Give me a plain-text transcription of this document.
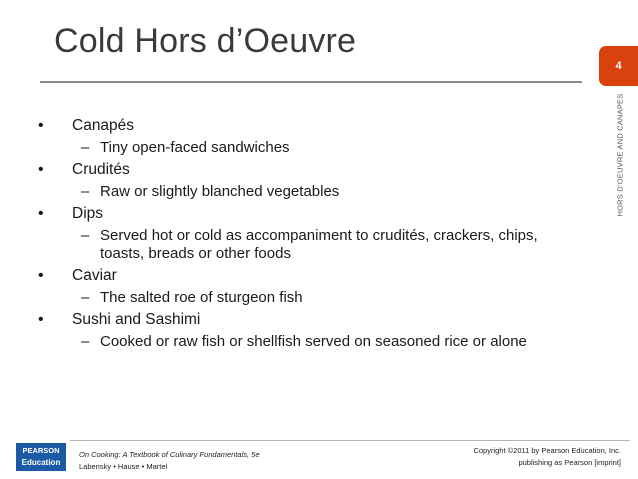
Cold Hors d’Oeuvre
4
HORS D’OEUVRE AND CANAPES
•	Canapés
– Tiny open-faced sandwiches
•	Crudités
– Raw or slightly blanched vegetables
•	Dips
– Served hot or cold as accompaniment to crudités, crackers, chips, toasts, breads or other foods
•	Caviar
– The salted roe of sturgeon fish
•	Sushi and Sashimi
– Cooked or raw fish or shellfish served on seasoned rice or alone
PEARSON
Education
On Cooking: A Textbook of Culinary Fundamentals, 5e
Labensky • Hause • Martel
Copyright ©2011 by Pearson Education, Inc.
publishing as Pearson [imprint]
